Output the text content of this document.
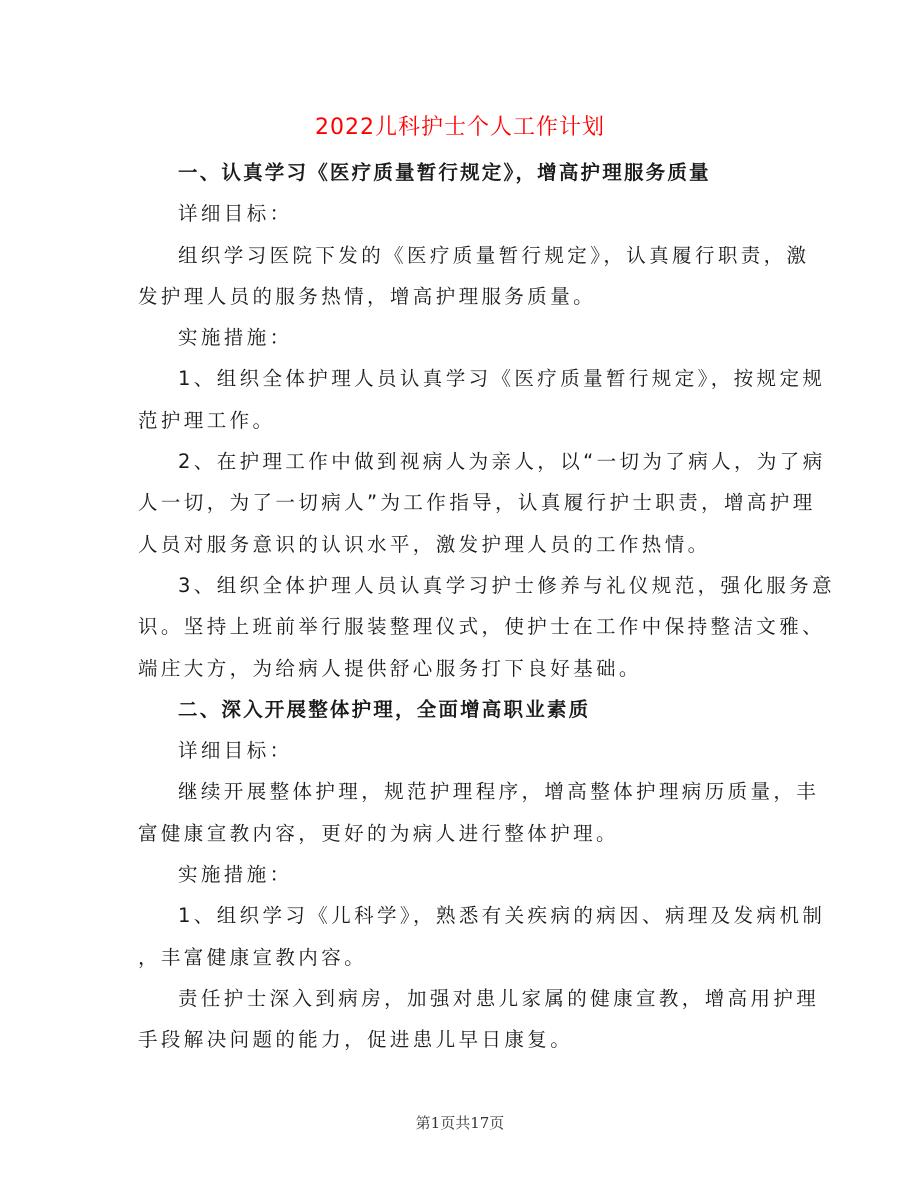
2022儿科护士个人工作计划
一、认真学习《医疗质量暂行规定》，增高护理服务质量
详细目标：
组织学习医院下发的《医疗质量暂行规定》，认真履行职责，激
发护理人员的服务热情，增高护理服务质量。
实施措施：
1、组织全体护理人员认真学习《医疗质量暂行规定》，按规定规
范护理工作。
2、在护理工作中做到视病人为亲人，以“一切为了病人，为了病
人一切，为了一切病人”为工作指导，认真履行护士职责，增高护理
人员对服务意识的认识水平，激发护理人员的工作热情。
3、组织全体护理人员认真学习护士修养与礼仪规范，强化服务意
识。坚持上班前举行服装整理仪式，使护士在工作中保持整洁文雅、
端庄大方，为给病人提供舒心服务打下良好基础。
二、深入开展整体护理，全面增高职业素质
详细目标：
继续开展整体护理，规范护理程序，增高整体护理病历质量，丰
富健康宣教内容，更好的为病人进行整体护理。
实施措施：
1、组织学习《儿科学》，熟悉有关疾病的病因、病理及发病机制
，丰富健康宣教内容。
责任护士深入到病房，加强对患儿家属的健康宣教，增高用护理
手段解决问题的能力，促进患儿早日康复。
第1页共17页
